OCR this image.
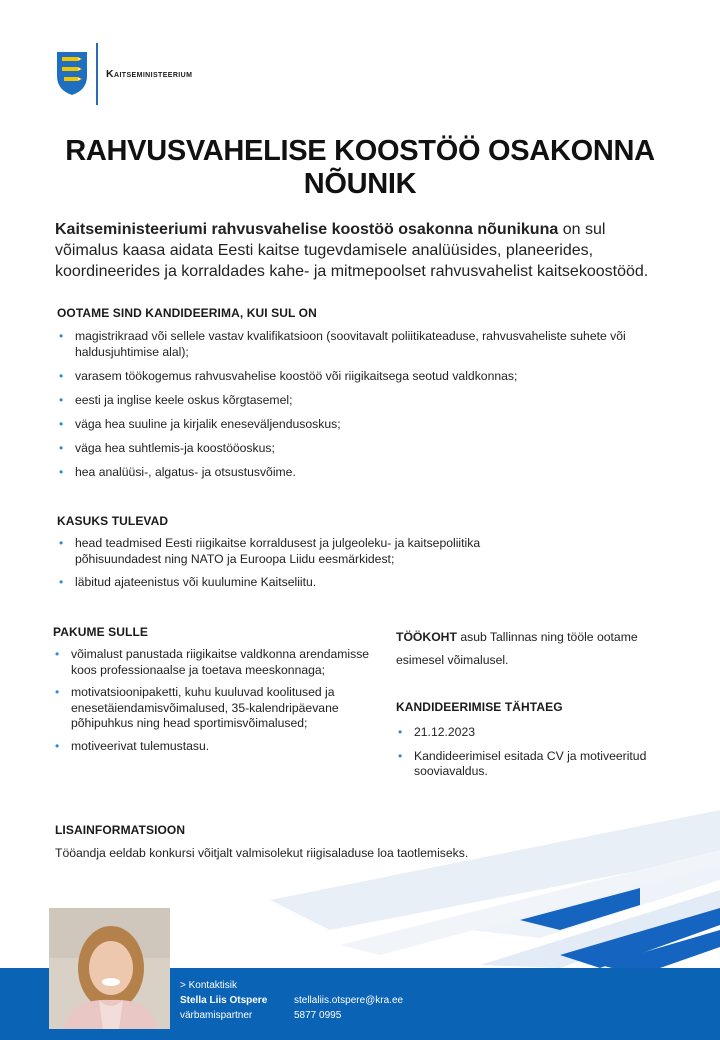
Kaitseministeerium
RAHVUSVAHELISE KOOSTÖÖ OSAKONNA
NÕUNIK
Kaitseministeeriumi rahvusvahelise koostöö osakonna nõunikuna on sul võimalus kaasa aidata Eesti kaitse tugevdamisele analüüsides, planeerides, koordineerides ja korraldades kahe- ja mitmepoolset rahvusvahelist kaitsekoostööd.
OOTAME SIND KANDIDEERIMA, KUI SUL ON
• magistrikraad või sellele vastav kvalifikatsioon (soovitavalt poliitikateaduse, rahvusvaheliste suhete või haldusjuhtimise alal);
• varasem töökogemus rahvusvahelise koostöö või riigikaitsega seotud valdkonnas;
• eesti ja inglise keele oskus kõrgtasemel;
• väga hea suuline ja kirjalik eneseväljendusoskus;
• väga hea suhtlemis-ja koostööoskus;
• hea analüüsi-, algatus- ja otsustusvõime.
KASUKS TULEVAD
• head teadmised Eesti riigikaitse korraldusest ja julgeoleku- ja kaitsepoliitika põhisuundadest ning NATO ja Euroopa Liidu eesmärkidest;
• läbitud ajateenistus või kuulumine Kaitseliitu.
PAKUME SULLE
• võimalust panustada riigikaitse valdkonna arendamisse koos professionaalse ja toetava meeskonnaga;
• motivatsioonipaketti, kuhu kuuluvad koolitused ja enesetäiendamisvõimalused, 35-kalendripäevane põhipuhkus ning head sportimisvõimalused;
• motiveerivat tulemustasu.
TÖÖKOHT asub Tallinnas ning tööle ootame esimesel võimalusel.
KANDIDEERIMISE TÄHTAEG
• 21.12.2023
• Kandideerimisel esitada CV ja motiveeritud sooviavaldus.
LISAINFORMATSIOON
Tööandja eeldab konkursi võitjalt valmisolekut riigisaladuse loa taotlemiseks.
> Kontaktisik
Stella Liis Otspere
värbamispartner
stellaliis.otspere@kra.ee
5877 0995
